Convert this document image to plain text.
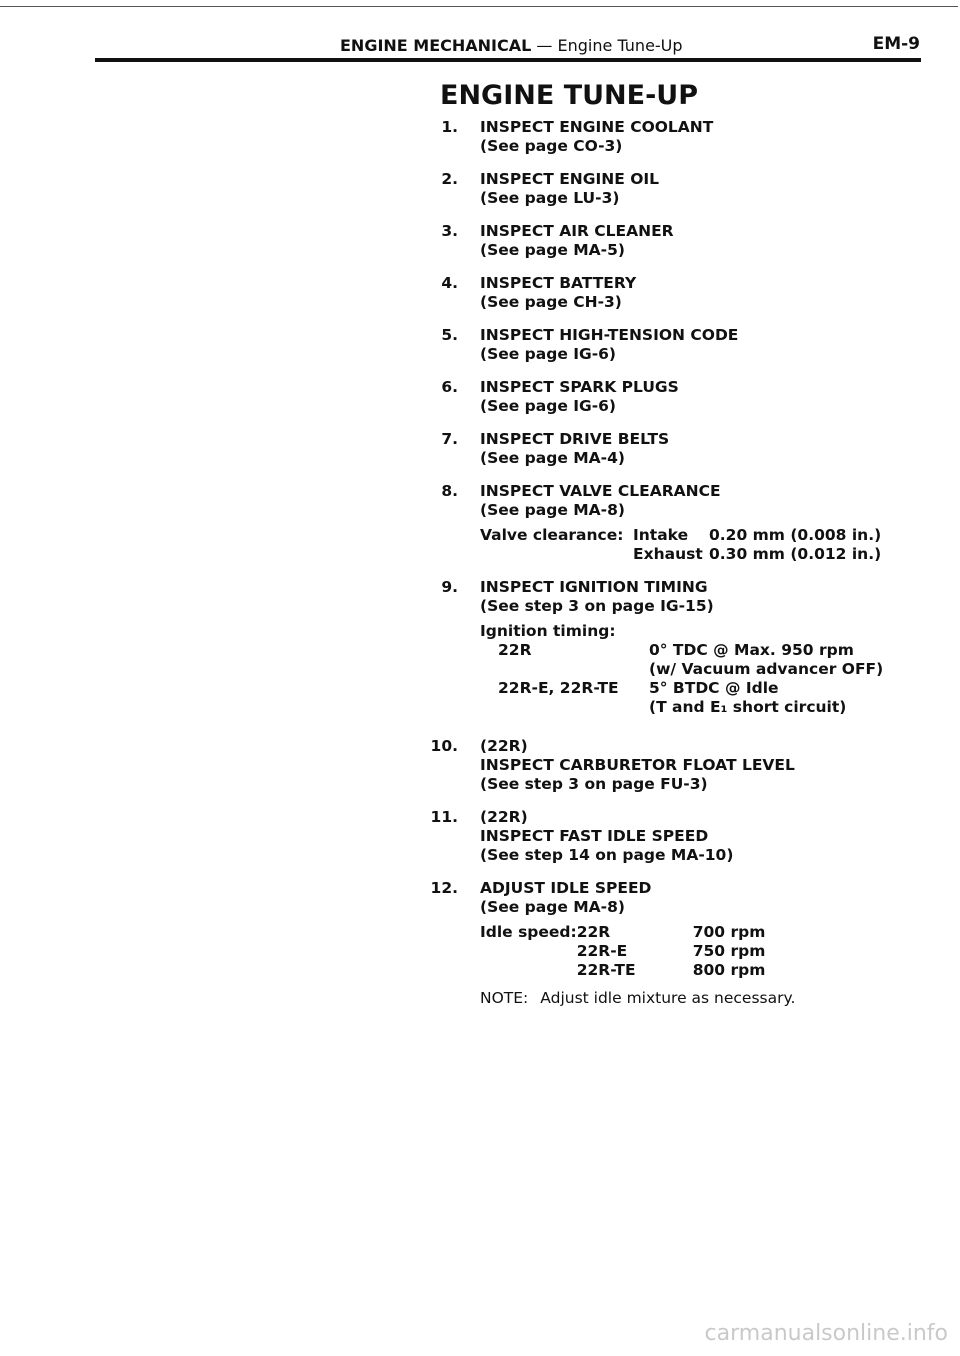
ENGINE MECHANICAL — Engine Tune-Up	EM-9
ENGINE TUNE-UP
1. INSPECT ENGINE COOLANT
(See page CO-3)
2. INSPECT ENGINE OIL
(See page LU-3)
3. INSPECT AIR CLEANER
(See page MA-5)
4. INSPECT BATTERY
(See page CH-3)
5. INSPECT HIGH-TENSION CODE
(See page IG-6)
6. INSPECT SPARK PLUGS
(See page IG-6)
7. INSPECT DRIVE BELTS
(See page MA-4)
8. INSPECT VALVE CLEARANCE
(See page MA-8)
Valve clearance:	Intake	0.20 mm (0.008 in.)
	Exhaust	0.30 mm (0.012 in.)
9. INSPECT IGNITION TIMING
(See step 3 on page IG-15)
Ignition timing:
22R	0° TDC @ Max. 950 rpm
	(w/ Vacuum advancer OFF)
22R-E, 22R-TE	5° BTDC @ Idle
	(T and E₁ short circuit)
10. (22R)
INSPECT CARBURETOR FLOAT LEVEL
(See step 3 on page FU-3)
11. (22R)
INSPECT FAST IDLE SPEED
(See step 14 on page MA-10)
12. ADJUST IDLE SPEED
(See page MA-8)
Idle speed:	22R	700 rpm
	22R-E	750 rpm
	22R-TE	800 rpm
NOTE: Adjust idle mixture as necessary.
carmanualsonline.info
